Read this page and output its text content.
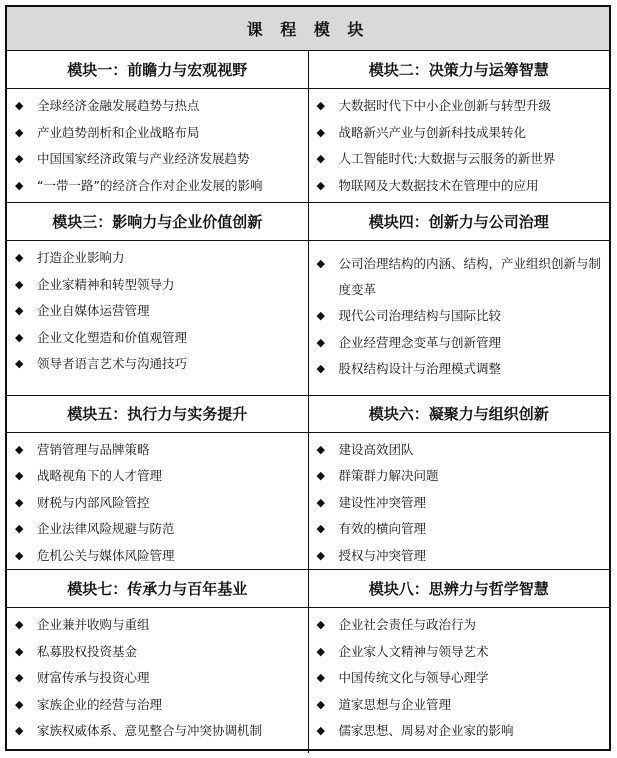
课 程 模 块
模块一：前瞻力与宏观视野
◆	全球经济金融发展趋势与热点
◆	产业趋势剖析和企业战略布局
◆	中国国家经济政策与产业经济发展趋势
◆	“一带一路”的经济合作对企业发展的影响
模块二：决策力与运筹智慧
◆	大数据时代下中小企业创新与转型升级
◆	战略新兴产业与创新科技成果转化
◆	人工智能时代:大数据与云服务的新世界
◆	物联网及大数据技术在管理中的应用
模块三：影响力与企业价值创新
◆	打造企业影响力
◆	企业家精神和转型领导力
◆	企业自媒体运营管理
◆	企业文化塑造和价值观管理
◆	领导者语言艺术与沟通技巧
模块四：创新力与公司治理
◆	公司治理结构的内涵、结构，产业组织创新与制度变革
◆	现代公司治理结构与国际比较
◆	企业经营理念变革与创新管理
◆	股权结构设计与治理模式调整
模块五：执行力与实务提升
◆	营销管理与品牌策略
◆	战略视角下的人才管理
◆	财税与内部风险管控
◆	企业法律风险规避与防范
◆	危机公关与媒体风险管理
模块六：凝聚力与组织创新
◆	建设高效团队
◆	群策群力解决问题
◆	建设性冲突管理
◆	有效的横向管理
◆	授权与冲突管理
模块七：传承力与百年基业
◆	企业兼并收购与重组
◆	私募股权投资基金
◆	财富传承与投资心理
◆	家族企业的经营与治理
◆	家族权威体系、意见整合与冲突协调机制
模块八：思辨力与哲学智慧
◆	企业社会责任与政治行为
◆	企业家人文精神与领导艺术
◆	中国传统文化与领导心理学
◆	道家思想与企业管理
◆	儒家思想、周易对企业家的影响
